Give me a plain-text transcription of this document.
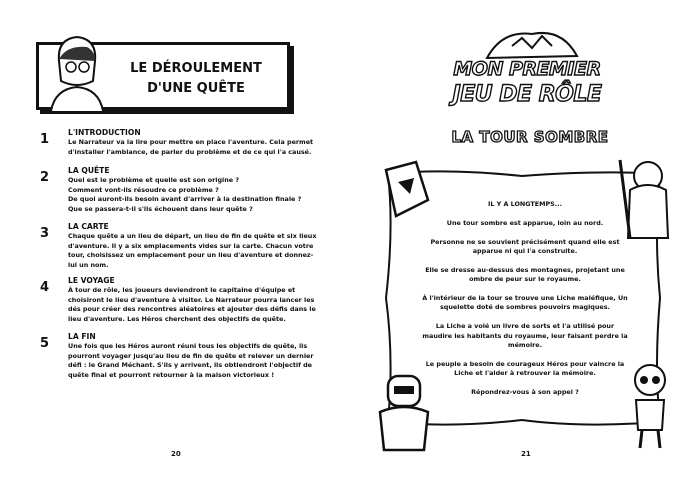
LE DÉROULEMENT
D'UNE QUÊTE
1 L'INTRODUCTION
Le Narrateur va la lire pour mettre en place l'aventure. Cela permet d'installer l'ambiance, de parler du problème et de ce qui l'a causé.
2 LA QUÊTE
Quel est le problème et quelle est son origine ?
Comment vont-ils résoudre ce problème ?
De quoi auront-ils besoin avant d'arriver à la destination finale ?
Que se passera-t-il s'ils échouent dans leur quête ?
3 LA CARTE
Chaque quête a un lieu de départ, un lieu de fin de quête et six lieux d'aventure. Il y a six emplacements vides sur la carte. Chacun votre tour, choisissez un emplacement pour un lieu d'aventure et donnez-lui un nom.
4 LE VOYAGE
À tour de rôle, les joueurs deviendront le capitaine d'équipe et choisiront le lieu d'aventure à visiter. Le Narrateur pourra lancer les dés pour créer des rencontres aléatoires et ajouter des défis dans le lieu d'aventure. Les Héros cherchent des objectifs de quête.
5 LA FIN
Une fois que les Héros auront réuni tous les objectifs de quête, ils pourront voyager jusqu'au lieu de fin de quête et relever un dernier défi : le Grand Méchant. S'ils y arrivent, ils obtiendront l'objectif de quête final et pourront retourner à la maison victorieux !
20
MON PREMIER
JEU DE RÔLE
LA TOUR SOMBRE

IL Y A LONGTEMPS...

Une tour sombre est apparue, loin au nord.

Personne ne se souvient précisément quand elle est apparue ni qui l'a construite.

Elle se dresse au-dessus des montagnes, projetant une ombre de peur sur le royaume.

À l'intérieur de la tour se trouve une Liche maléfique, Un squelette doté de sombres pouvoirs magiques.

La Liche a volé un livre de sorts et l'a utilisé pour maudire les habitants du royaume, leur faisant perdre la mémoire.

Le peuple a besoin de courageux Héros pour vaincre la Liche et l'aider à retrouver la mémoire.

Répondrez-vous à son appel ?

21
